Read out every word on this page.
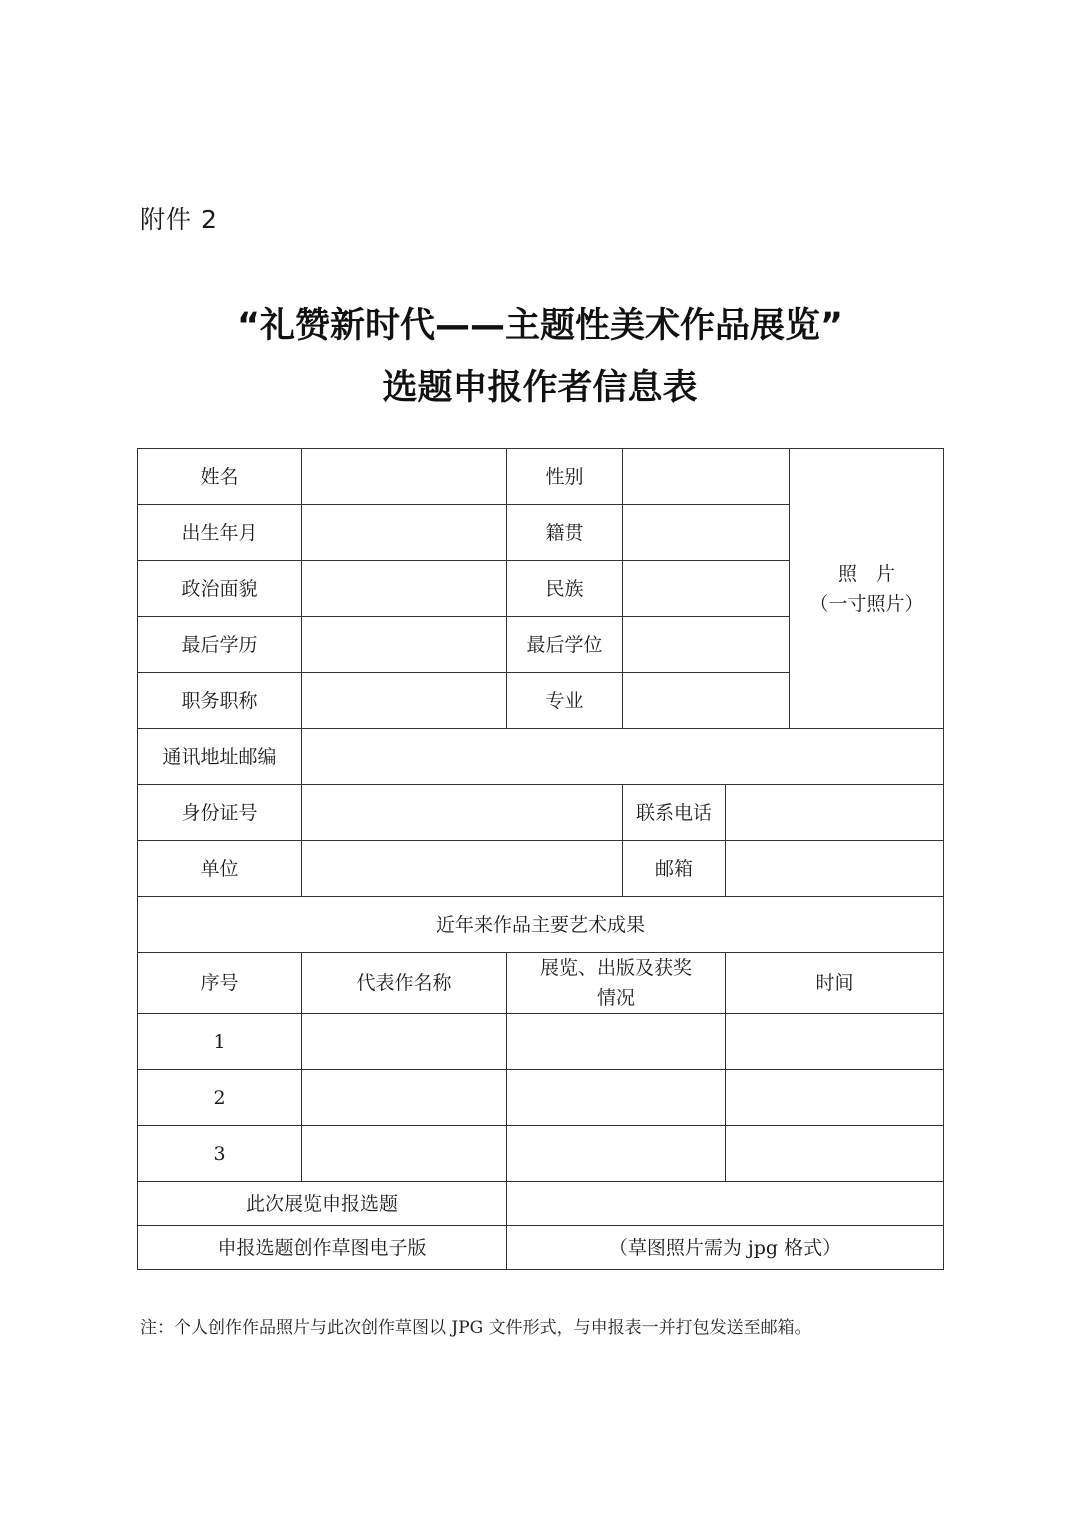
附件 2
“礼赞新时代——主题性美术作品展览”
选题申报作者信息表
姓名		性别			照　片
（一寸照片）

出生年月		籍贯			
政治面貌		民族			
最后学历		最后学位			
职务职称		专业			
通讯地址邮编					
身份证号			联系电话		
单位			邮箱		
近年来作品主要艺术成果					
序号	代表作名称	展览、出版及获奖情况		时间	
1					
2					
3					
此次展览申报选题					
申报选题创作草图电子版		（草图照片需为 jpg 格式）			
注：个人创作作品照片与此次创作草图以 JPG 文件形式，与申报表一并打包发送至邮箱。
